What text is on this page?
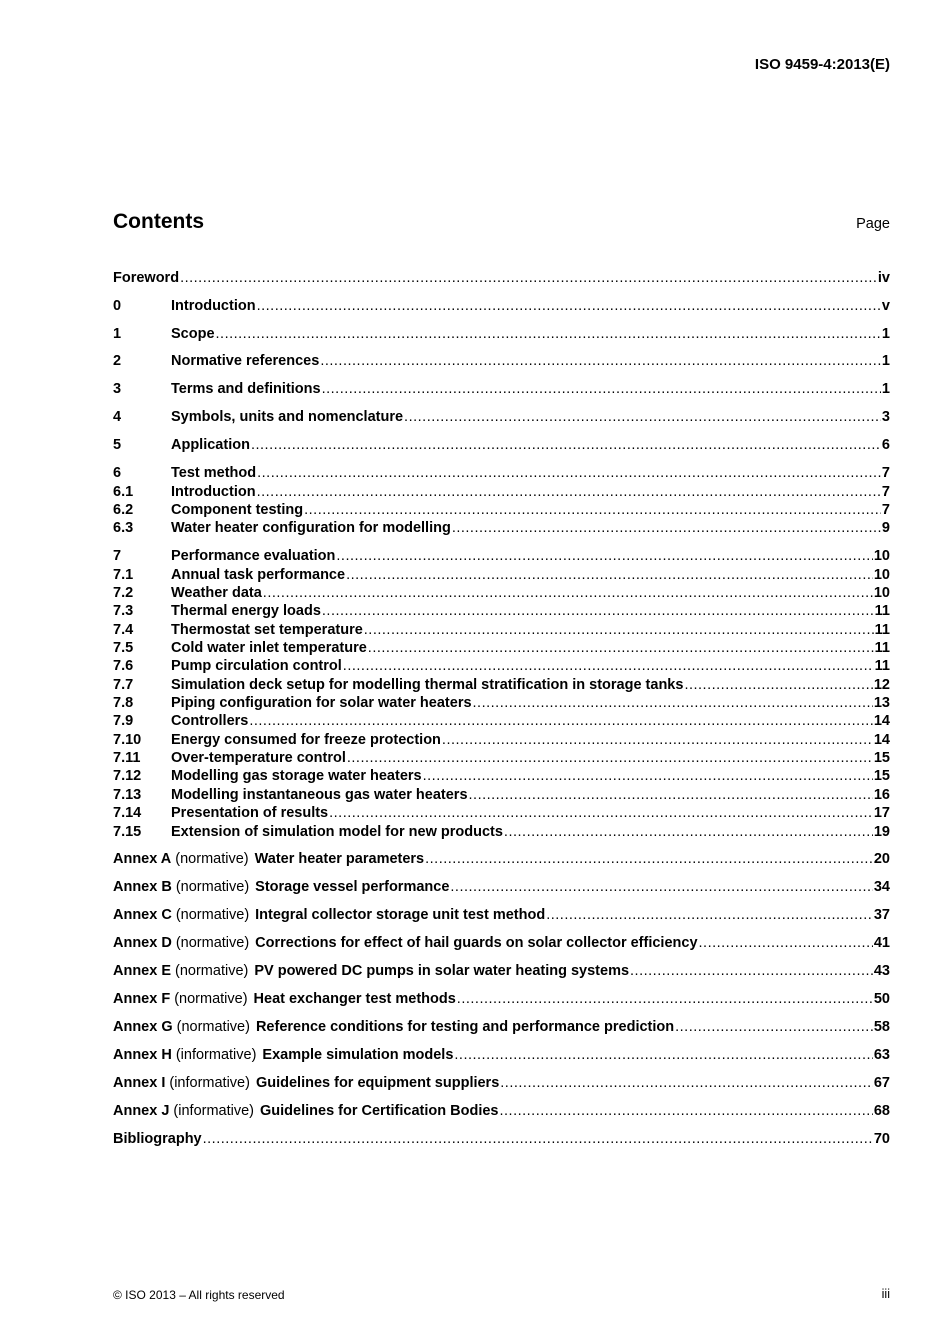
ISO 9459-4:2013(E)
Contents	Page
Foreword .....	iv
0	Introduction .....	v
1	Scope .....	1
2	Normative references .....	1
3	Terms and definitions .....	1
4	Symbols, units and nomenclature .....	3
5	Application .....	6
6	Test method .....	7
6.1	Introduction .....	7
6.2	Component testing .....	7
6.3	Water heater configuration for modelling .....	9
7	Performance evaluation .....	10
7.1	Annual task performance .....	10
7.2	Weather data .....	10
7.3	Thermal energy loads .....	11
7.4	Thermostat set temperature .....	11
7.5	Cold water inlet temperature .....	11
7.6	Pump circulation control .....	11
7.7	Simulation deck setup for modelling thermal stratification in storage tanks .....	12
7.8	Piping configuration for solar water heaters .....	13
7.9	Controllers .....	14
7.10	Energy consumed for freeze protection .....	14
7.11	Over-temperature control .....	15
7.12	Modelling gas storage water heaters .....	15
7.13	Modelling instantaneous gas water heaters .....	16
7.14	Presentation of results .....	17
7.15	Extension of simulation model for new products .....	19
Annex A (normative) Water heater parameters .....	20
Annex B (normative) Storage vessel performance .....	34
Annex C (normative) Integral collector storage unit test method .....	37
Annex D (normative) Corrections for effect of hail guards on solar collector efficiency .....	41
Annex E (normative) PV powered DC pumps in solar water heating systems .....	43
Annex F (normative) Heat exchanger test methods .....	50
Annex G (normative) Reference conditions for testing and performance prediction .....	58
Annex H (informative) Example simulation models .....	63
Annex I (informative) Guidelines for equipment suppliers .....	67
Annex J (informative) Guidelines for Certification Bodies .....	68
Bibliography .....	70
© ISO 2013 – All rights reserved	iii
